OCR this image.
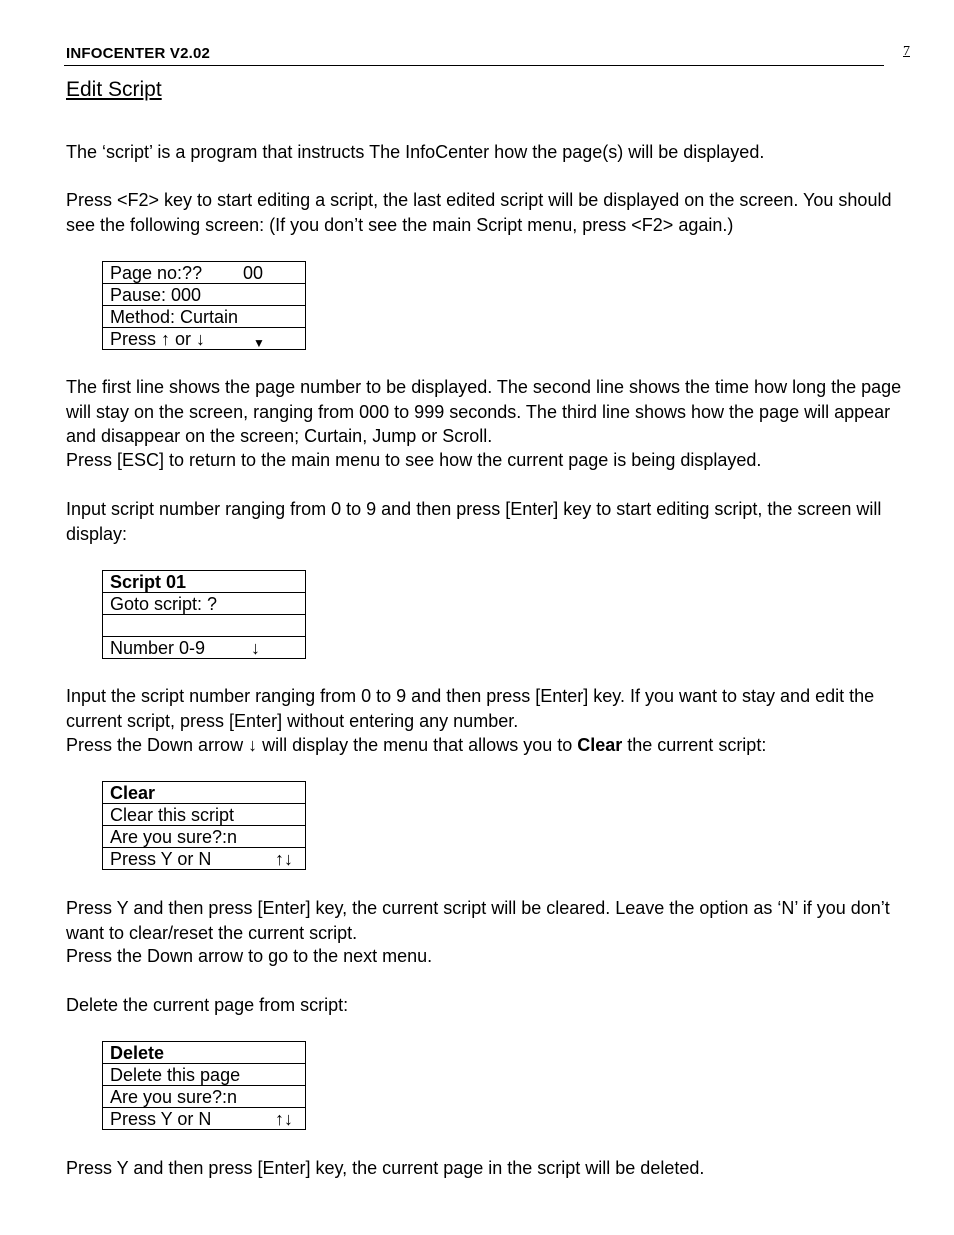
INFOCENTER V2.02	7
Edit Script

The ‘script’ is a program that instructs The InfoCenter how the page(s) will be displayed.

Press <F2> key to start editing a script, the last edited script will be displayed on the screen. You should see the following screen: (If you don’t see the main Script menu, press <F2> again.)

Page no:?? 00

Pause: 000
Method: Curtain
Press ↑ or ↓	▼

The first line shows the page number to be displayed. The second line shows the time how long the page will stay on the screen, ranging from 000 to 999 seconds. The third line shows how the page will appear and disappear on the screen; Curtain, Jump or Scroll.

Press [ESC] to return to the main menu to see how the current page is being displayed.

Input script number ranging from 0 to 9 and then press [Enter] key to start editing script, the screen will display:

Script 01
Goto script: ?

Number 0-9	↓

Input the script number ranging from 0 to 9 and then press [Enter] key. If you want to stay and edit the current script, press [Enter] without entering any number.

Press the Down arrow ↓ will display the menu that allows you to Clear the current script:

Clear
Clear this script
Are you sure?:n
Press Y or N	↑↓

Press Y and then press [Enter] key, the current script will be cleared. Leave the option as ‘N’ if you don’t want to clear/reset the current script.

Press the Down arrow to go to the next menu.

Delete the current page from script:

Delete
Delete this page
Are you sure?:n
Press Y or N	↑↓

Press Y and then press [Enter] key, the current page in the script will be deleted.
